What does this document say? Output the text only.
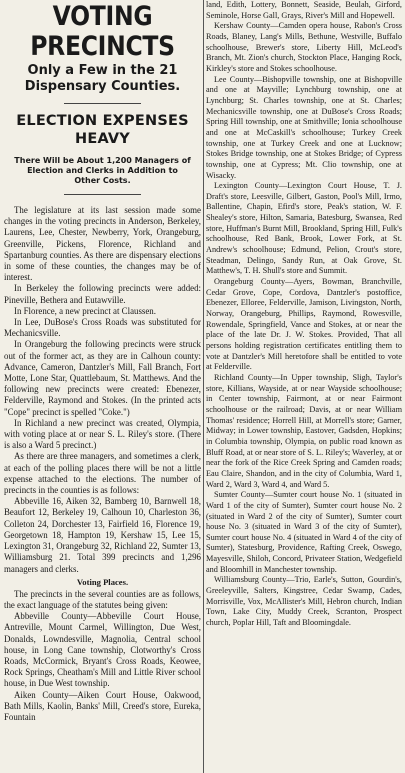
VOTING PRECINCTS
Only a Few in the 21 Dispensary Counties.
ELECTION EXPENSES HEAVY
There Will be About 1,200 Managers of Election and Clerks in Addition to Other Costs.

The legislature at its last session made some changes in the voting precincts in Anderson, Berkeley, Laurens, Lee, Chester, Newberry, York, Orangeburg, Greenville, Pickens, Florence, Richland and Spartanburg counties. As there are dispensary elections in some of these counties, the changes may be of interest.

In Berkeley the following precincts were added: Pineville, Bethera and Eutawville.

In Florence, a new precinct at Claussen.

In Lee, DuBose's Cross Roads was substituted for Mechanicsville.

In Orangeburg the following precincts were struck out of the former act, as they are in Calhoun county: Advance, Cameron, Dantzler's Mill, Fall Branch, Fort Motte, Lone Star, Quattlebaum, St. Matthews. And the following new precincts were created: Ebenezer, Felderville, Raymond and Stokes. (In the printed acts "Cope" precinct is spelled "Coke.")

In Richland a new precinct was created, Olympia, with voting place at or near S. L. Riley's store. (There is also a Ward 5 precinct.)

As there are three managers, and sometimes a clerk, at each of the polling places there will be not a little expense attached to the elections. The number of precincts in the counties is as follows:

Abbeville 16, Aiken 32, Bamberg 10, Barnwell 18, Beaufort 12, Berkeley 19, Calhoun 10, Charleston 36, Colleton 24, Dorchester 13, Fairfield 16, Florence 19, Georgetown 18, Hampton 19, Kershaw 15, Lee 15, Lexington 31, Orangeburg 32, Richland 22, Sumter 13, Williamsburg 21. Total 399 precincts and 1,296 managers and clerks.

Voting Places.

The precincts in the several counties are as follows, the exact language of the statutes being given:

Abbeville County—Abbeville Court House, Antreville, Mount Carmel, Willington, Due West, Donalds, Lowndesville, Magnolia, Central school house, in Long Cane township, Clotworthy's Cross Roads, McCormick, Bryant's Cross Roads, Keowee, Rock Springs, Cheatham's Mill and Little River school house, in Due West township.

Aiken County—Aiken Court House, Oakwood, Bath Mills, Kaolin, Banks' Mill, Creed's store, Eureka, Fountain

land, Edith, Lottery, Bonnett, Seaside, Beulah, Girford, Seminole, Horse Gall, Grays, River's Mill and Hopewell.

Kershaw County—Camden opera house, Rabon's Cross Roads, Blaney, Lang's Mills, Bethune, Westville, Buffalo schoolhouse, Brewer's store, Liberty Hill, McLeod's Branch, Mt. Zion's church, Stockton Place, Hanging Rock, Kirkley's store and Stokes schoolhouse.

Lee County—Bishopville township, one at Bishopville and one at Mayville; Lynchburg township, one at Lynchburg; St. Charles township, one at St. Charles; Mechanicsville township, one at DuBose's Cross Roads; Spring Hill township, one at Smithville; Ionia schoolhouse and one at McCaskill's schoolhouse; Turkey Creek township, one at Turkey Creek and one at Lucknow; Stokes Bridge township, one at Stokes Bridge; of Cypress township, one at Cypress; Mt. Clio township, one at Wisacky.

Lexington County—Lexington Court House, T. J. Draft's store, Leesville, Gilbert, Gaston, Pool's Mill, Irmo, Ballentine, Chapin, Efird's store, Peak's station, W. F. Shealey's store, Hilton, Samaria, Batesburg, Swansea, Red store, Huffman's Burnt Mill, Brookland, Spring Hill, Fulk's schoolhouse, Red Bank, Brook, Lower Fork, at St. Andrew's schoolhouse; Edmund, Pelion, Crout's store, Steadman, Delingo, Sandy Run, at Oak Grove, St. Matthew's, T. H. Shull's store and Summit.

Orangeburg County—Ayers, Bowman, Branchville, Cedar Grove, Cope, Cordova, Dantzler's postoffice, Ebenezer, Elloree, Felderville, Jamison, Livingston, North, Norway, Orangeburg, Phillips, Raymond, Rowesville, Rowendale, Springfield, Vance and Stokes, at or near the place of the late Dr. J. W. Stokes. Provided, That all persons holding registration certificates entitling them to vote at Dantzler's Mill heretofore shall be entitled to vote at Felderville.

Richland County—In Upper township, Sligh, Taylor's store, Killians, Wayside, at or near Wayside schoolhouse; in Center township, Fairmont, at or near Fairmont schoolhouse or the railroad; Davis, at or near William Thomas' residence; Horrell Hill, at Morrell's store; Garner, Midway; in Lower township, Eastover, Gadsden, Hopkins; in Columbia township, Olympia, on public road known as Bluff Road, at or near store of S. L. Riley's; Waverley, at or near the fork of the Rice Creek Spring and Camden roads; Eau Claire, Shandon, and in the city of Columbia, Ward 1, Ward 2, Ward 3, Ward 4, and Ward 5.

Sumter County—Sumter court house No. 1 (situated in Ward 1 of the city of Sumter), Sumter court house No. 2 (situated in Ward 2 of the city of Sumter), Sumter court house No. 3 (situated in Ward 3 of the city of Sumter), Sumter court house No. 4 (situated in Ward 4 of the city of Sumter), Statesburg, Providence, Rafting Creek, Oswego, Mayesville, Shiloh, Concord, Privateer Station, Wedgefield and Bloomhill in Manchester township.

Williamsburg County—Trio, Earle's, Sutton, Gourdin's, Greeleyville, Salters, Kingstree, Cedar Swamp, Cades, Morrisville, Vox, McAllister's Mill, Hebron church, Indian Town, Lake City, Muddy Creek, Scranton, Prospect church, Poplar Hill, Taft and Bloomingdale.
